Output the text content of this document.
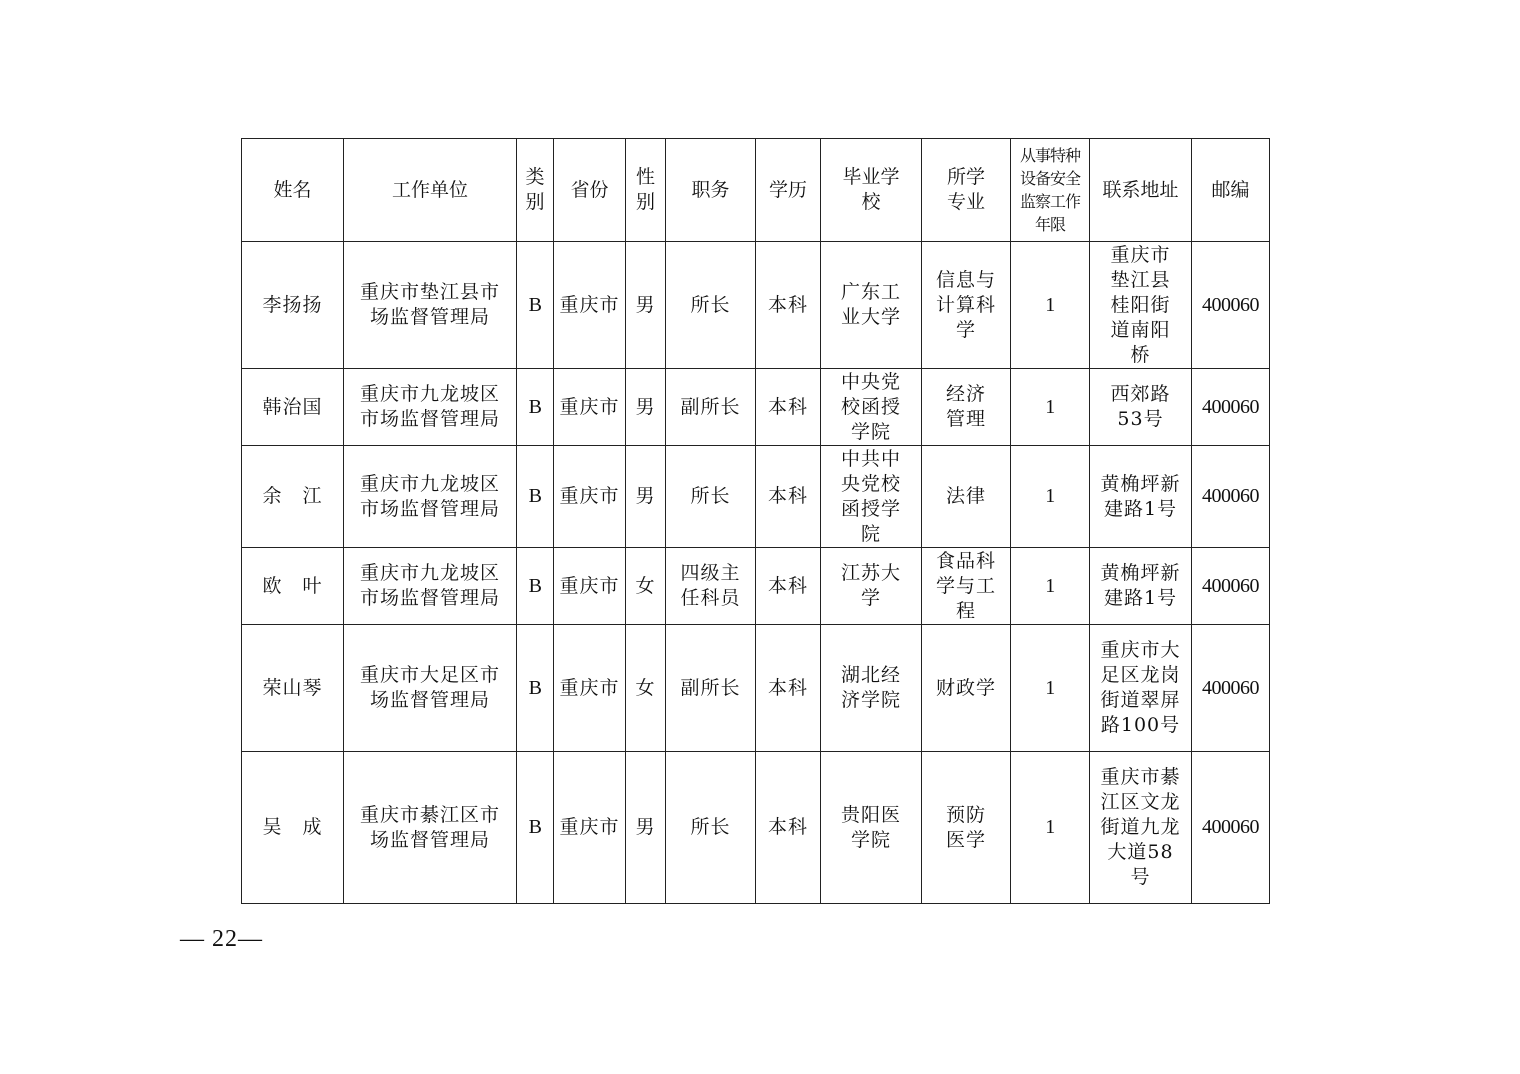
姓名	工作单位	类别	省份	性别	职务	学历	毕业学校	所学专业	从事特种设备安全监察工作年限	联系地址	邮编
李扬扬	重庆市垫江县市场监督管理局	B	重庆市	男	所长	本科	广东工业大学	信息与计算科学	1	重庆市垫江县桂阳街道南阳桥	400060
韩治国	重庆市九龙坡区市场监督管理局	B	重庆市	男	副所长	本科	中央党校函授学院	经济管理	1	西郊路53号	400060
余　江	重庆市九龙坡区市场监督管理局	B	重庆市	男	所长	本科	中共中央党校函授学院	法律	1	黄桷坪新建路1号	400060
欧　叶	重庆市九龙坡区市场监督管理局	B	重庆市	女	四级主任科员	本科	江苏大学	食品科学与工程	1	黄桷坪新建路1号	400060
荣山琴	重庆市大足区市场监督管理局	B	重庆市	女	副所长	本科	湖北经济学院	财政学	1	重庆市大足区龙岗街道翠屏路100号	400060
吴　成	重庆市綦江区市场监督管理局	B	重庆市	男	所长	本科	贵阳医学院	预防医学	1	重庆市綦江区文龙街道九龙大道58号	400060
— 22—
